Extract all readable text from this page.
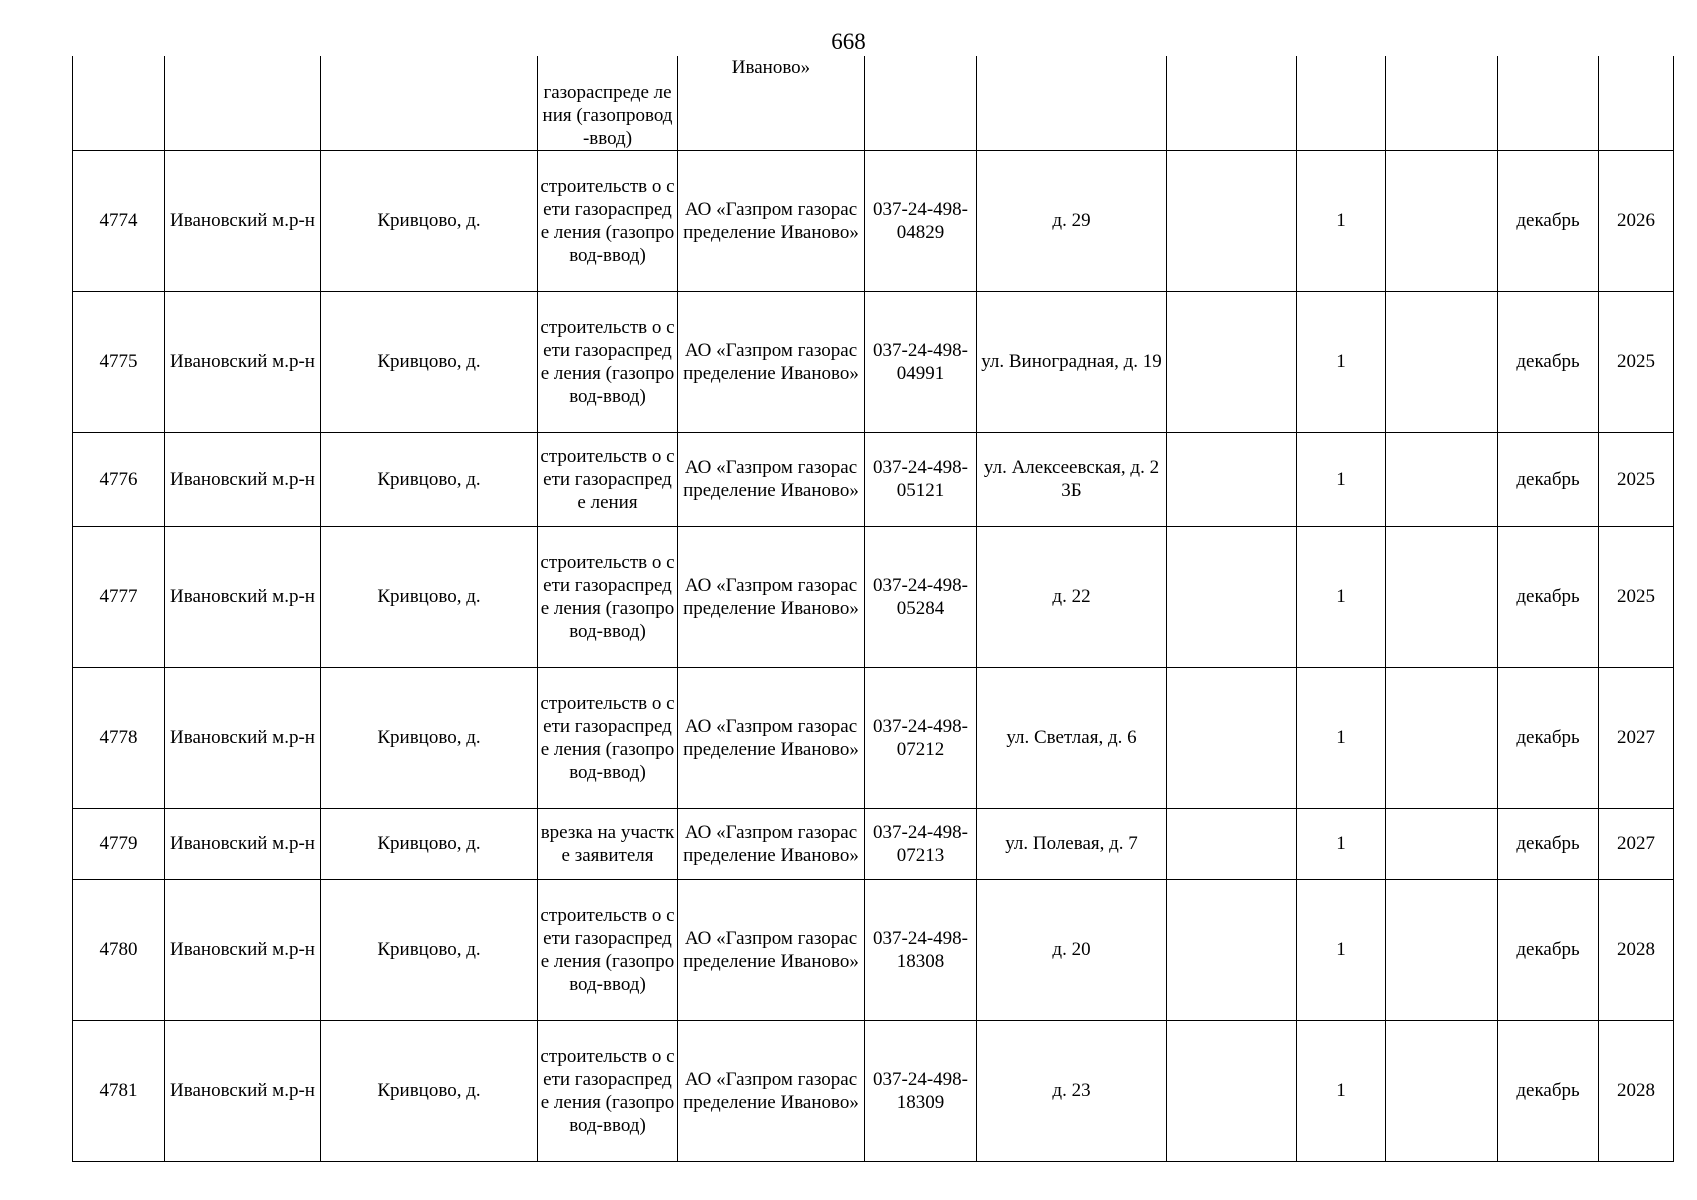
668
			газораспреде ления (газопровод-ввод)	Иваново»							
4774	Ивановский м.р-н	Кривцово, д.	строительств о сети газораспреде ления (газопровод-ввод)	АО «Газпром газораспределение Иваново»	037-24-498-04829	д. 29		1		декабрь	2026
4775	Ивановский м.р-н	Кривцово, д.	строительств о сети газораспреде ления (газопровод-ввод)	АО «Газпром газораспределение Иваново»	037-24-498-04991	ул. Виноградная, д. 19		1		декабрь	2025
4776	Ивановский м.р-н	Кривцово, д.	строительств о сети газораспреде ления	АО «Газпром газораспределение Иваново»	037-24-498-05121	ул. Алексеевская, д. 23Б		1		декабрь	2025
4777	Ивановский м.р-н	Кривцово, д.	строительств о сети газораспреде ления (газопровод-ввод)	АО «Газпром газораспределение Иваново»	037-24-498-05284	д. 22		1		декабрь	2025
4778	Ивановский м.р-н	Кривцово, д.	строительств о сети газораспреде ления (газопровод-ввод)	АО «Газпром газораспределение Иваново»	037-24-498-07212	ул. Светлая, д. 6		1		декабрь	2027
4779	Ивановский м.р-н	Кривцово, д.	врезка на участке заявителя	АО «Газпром газораспределение Иваново»	037-24-498-07213	ул. Полевая, д. 7		1		декабрь	2027
4780	Ивановский м.р-н	Кривцово, д.	строительств о сети газораспреде ления (газопровод-ввод)	АО «Газпром газораспределение Иваново»	037-24-498-18308	д. 20		1		декабрь	2028
4781	Ивановский м.р-н	Кривцово, д.	строительств о сети газораспреде ления (газопровод-ввод)	АО «Газпром газораспределение Иваново»	037-24-498-18309	д. 23		1		декабрь	2028
